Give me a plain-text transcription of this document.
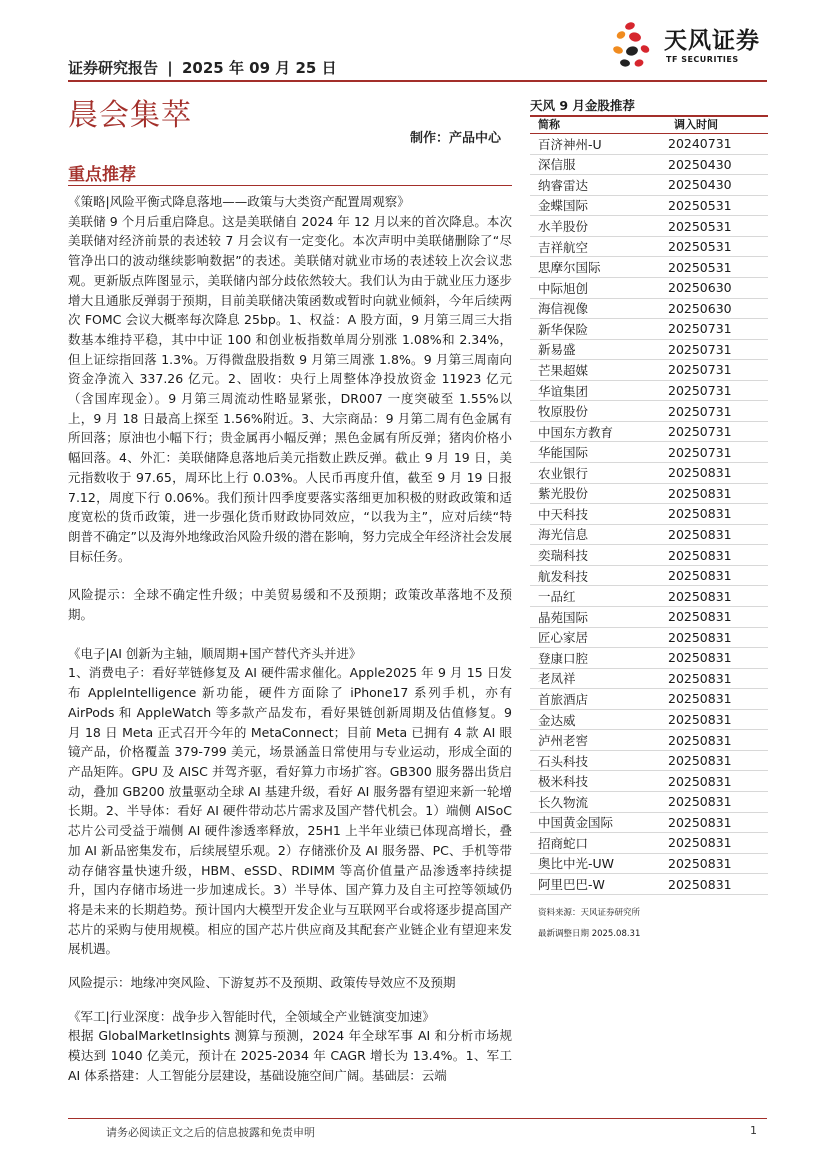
证券研究报告 | 2025 年 09 月 25 日
天风证券
TF SECURITIES
晨会集萃
制作：产品中心
重点推荐

《策略|风险平衡式降息落地——政策与大类资产配置周观察》

美联储 9 个月后重启降息。这是美联储自 2024 年 12 月以来的首次降息。本次美联储对经济前景的表述较 7 月会议有一定变化。本次声明中美联储删除了“尽管净出口的波动继续影响数据”的表述。美联储对就业市场的表述较上次会议悲观。更新版点阵图显示，美联储内部分歧依然较大。我们认为由于就业压力逐步增大且通胀反弹弱于预期，目前美联储决策函数或暂时向就业倾斜，今年后续两次 FOMC 会议大概率每次降息 25bp。1、权益：A 股方面，9 月第三周三大指数基本维持平稳，其中中证 100 和创业板指数单周分别涨 1.08%和 2.34%，但上证综指回落 1.3%。万得微盘股指数 9 月第三周涨 1.8%。9 月第三周南向资金净流入 337.26 亿元。2、固收：央行上周整体净投放资金 11923 亿元（含国库现金）。9 月第三周流动性略显紧张，DR007 一度突破至 1.55%以上，9 月 18 日最高上探至 1.56%附近。3、大宗商品：9 月第二周有色金属有所回落；原油也小幅下行；贵金属再小幅反弹；黑色金属有所反弹；猪肉价格小幅回落。4、外汇：美联储降息落地后美元指数止跌反弹。截止 9 月 19 日，美元指数收于 97.65，周环比上行 0.03%。人民币再度升值，截至 9 月 19 日报 7.12，周度下行 0.06%。我们预计四季度要落实落细更加积极的财政政策和适度宽松的货币政策，进一步强化货币财政协同效应，“以我为主”，应对后续“特朗普不确定”以及海外地缘政治风险升级的潜在影响，努力完成全年经济社会发展目标任务。

风险提示：全球不确定性升级；中美贸易缓和不及预期；政策改革落地不及预期。

《电子|AI 创新为主轴，顺周期+国产替代齐头并进》

1、消费电子：看好苹链修复及 AI 硬件需求催化。Apple2025 年 9 月 15 日发布 AppleIntelligence 新功能，硬件方面除了 iPhone17 系列手机，亦有 AirPods 和 AppleWatch 等多款产品发布，看好果链创新周期及估值修复。9 月 18 日 Meta 正式召开今年的 MetaConnect；目前 Meta 已拥有 4 款 AI 眼镜产品，价格覆盖 379-799 美元，场景涵盖日常使用与专业运动，形成全面的产品矩阵。GPU 及 AISC 并驾齐驱，看好算力市场扩容。GB300 服务器出货启动，叠加 GB200 放量驱动全球 AI 基建升级，看好 AI 服务器有望迎来新一轮增长期。2、半导体：看好 AI 硬件带动芯片需求及国产替代机会。1）端侧 AISoC 芯片公司受益于端侧 AI 硬件渗透率释放，25H1 上半年业绩已体现高增长，叠加 AI 新品密集发布，后续展望乐观。2）存储涨价及 AI 服务器、PC、手机等带动存储容量快速升级，HBM、eSSD、RDIMM 等高价值量产品渗透率持续提升，国内存储市场进一步加速成长。3）半导体、国产算力及自主可控等领域仍将是未来的长期趋势。预计国内大模型开发企业与互联网平台或将逐步提高国产芯片的采购与使用规模。相应的国产芯片供应商及其配套产业链企业有望迎来发展机遇。

风险提示：地缘冲突风险、下游复苏不及预期、政策传导效应不及预期

《军工|行业深度：战争步入智能时代，全领域全产业链演变加速》

根据 GlobalMarketInsights 测算与预测，2024 年全球军事 AI 和分析市场规模达到 1040 亿美元，预计在 2025-2034 年 CAGR 增长为 13.4%。1、军工 AI 体系搭建：人工智能分层建设，基础设施空间广阔。基础层：云端

天风 9 月金股推荐
简称	调入时间
百济神州-U	20240731
深信服	20250430
纳睿雷达	20250430
金蝶国际	20250531
水羊股份	20250531
吉祥航空	20250531
思摩尔国际	20250531
中际旭创	20250630
海信视像	20250630
新华保险	20250731
新易盛	20250731
芒果超媒	20250731
华谊集团	20250731
牧原股份	20250731
中国东方教育	20250731
华能国际	20250731
农业银行	20250831
紫光股份	20250831
中天科技	20250831
海光信息	20250831
奕瑞科技	20250831
航发科技	20250831
一品红	20250831
晶苑国际	20250831
匠心家居	20250831
登康口腔	20250831
老凤祥	20250831
首旅酒店	20250831
金达威	20250831
泸州老窖	20250831
石头科技	20250831
极米科技	20250831
长久物流	20250831
中国黄金国际	20250831
招商蛇口	20250831
奥比中光-UW	20250831
阿里巴巴-W	20250831
资料来源：天风证券研究所
最新调整日期 2025.08.31
请务必阅读正文之后的信息披露和免责申明	1
